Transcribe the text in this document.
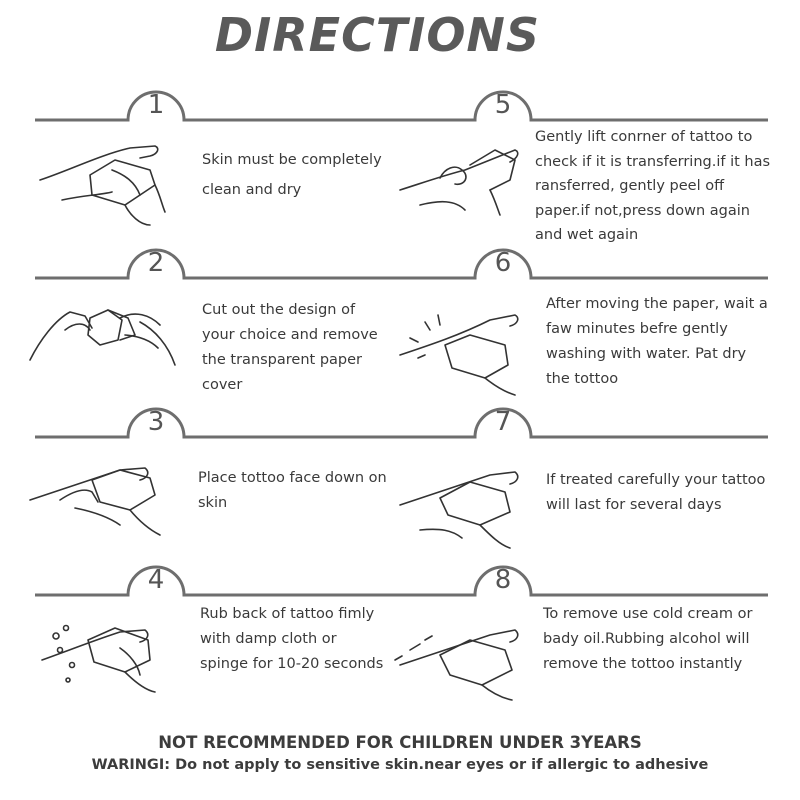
DIRECTIONS
1
2
3
4
5
6
7
8
Skin must be completely clean and dry
Cut out the design of your choice and remove the transparent paper cover
Place tottoo face down on skin
Rub back of tattoo fimly with damp cloth or spinge for 10-20 seconds
Gently lift conrner of tattoo to check if it is transferring.if it has ransferred, gently peel off paper.if not,press down again and wet again
After moving the paper, wait a faw minutes befre gently washing with water. Pat dry the tottoo
If treated carefully your tattoo will last for several days
To remove use cold cream or bady oil.Rubbing alcohol will remove the tottoo instantly
NOT RECOMMENDED FOR CHILDREN UNDER 3YEARS
WARINGI: Do not apply to sensitive skin.near eyes or if allergic to adhesive
